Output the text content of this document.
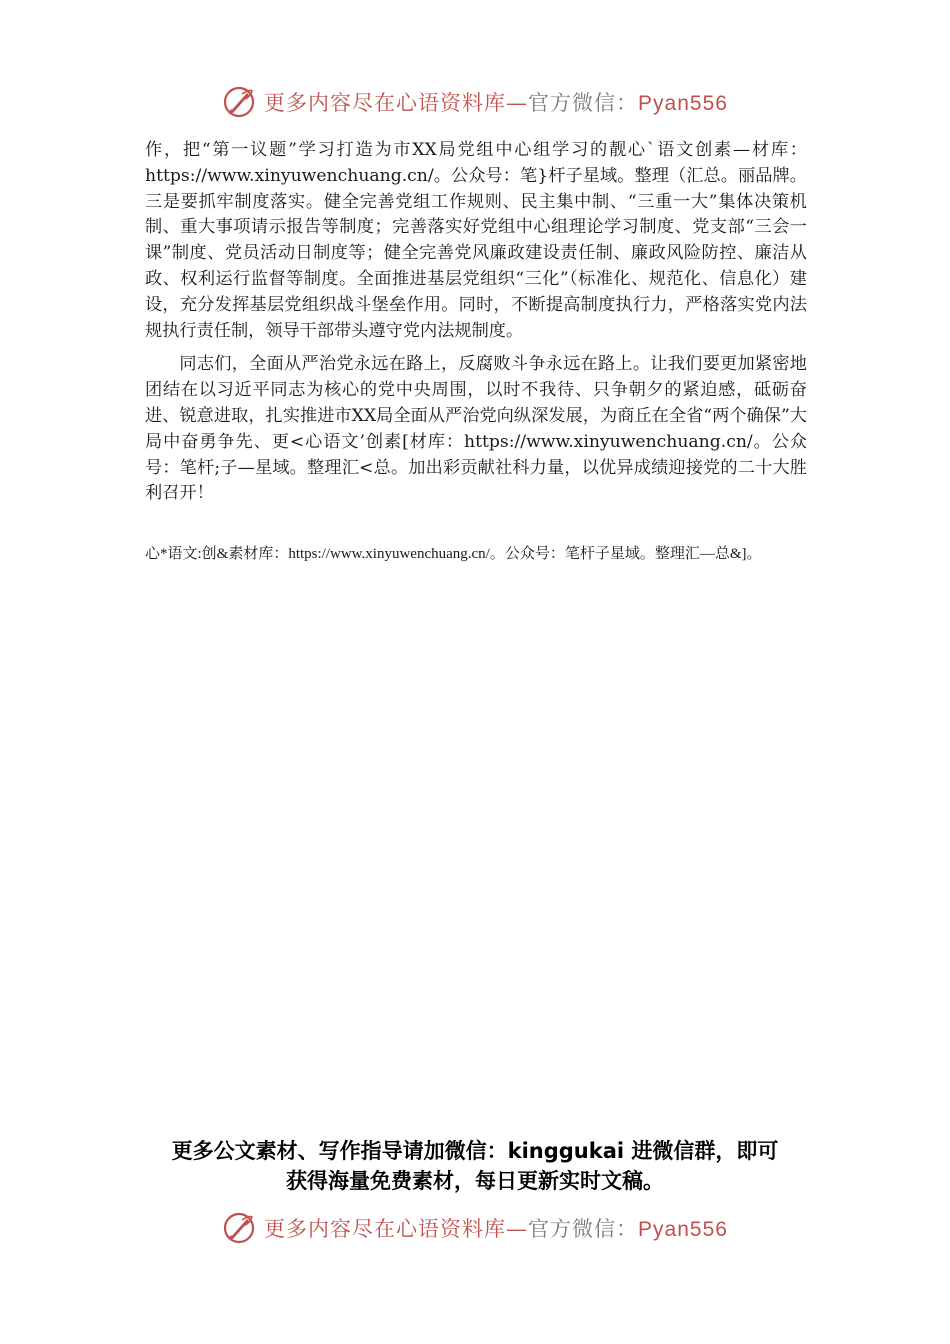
更多内容尽在心语资料库—官方微信：Pyan556

作，把“第一议题”学习打造为市XX局党组中心组学习的靓心`语文创素—材库：https://www.xinyuwenchuang.cn/。公众号：笔}杆子星域。整理（汇总。丽品牌。三是要抓牢制度落实。健全完善党组工作规则、民主集中制、“三重一大”集体决策机制、重大事项请示报告等制度；完善落实好党组中心组理论学习制度、党支部“三会一课”制度、党员活动日制度等；健全完善党风廉政建设责任制、廉政风险防控、廉洁从政、权利运行监督等制度。全面推进基层党组织“三化”（标准化、规范化、信息化）建设，充分发挥基层党组织战斗堡垒作用。同时，不断提高制度执行力，严格落实党内法规执行责任制，领导干部带头遵守党内法规制度。

同志们，全面从严治党永远在路上，反腐败斗争永远在路上。让我们要更加紧密地团结在以习近平同志为核心的党中央周围，以时不我待、只争朝夕的紧迫感，砥砺奋进、锐意进取，扎实推进市XX局全面从严治党向纵深发展，为商丘在全省“两个确保”大局中奋勇争先、更<心语文’创素[材库：https://www.xinyuwenchuang.cn/。公众号：笔杆;子—星域。整理汇<总。加出彩贡献社科力量，以优异成绩迎接党的二十大胜利召开！

心*语文:创&素材库：https://www.xinyuwenchuang.cn/。公众号：笔杆子星域。整理汇—总&]。

更多公文素材、写作指导请加微信：kinggukai 进微信群，即可
获得海量免费素材，每日更新实时文稿。
更多内容尽在心语资料库—官方微信：Pyan556
